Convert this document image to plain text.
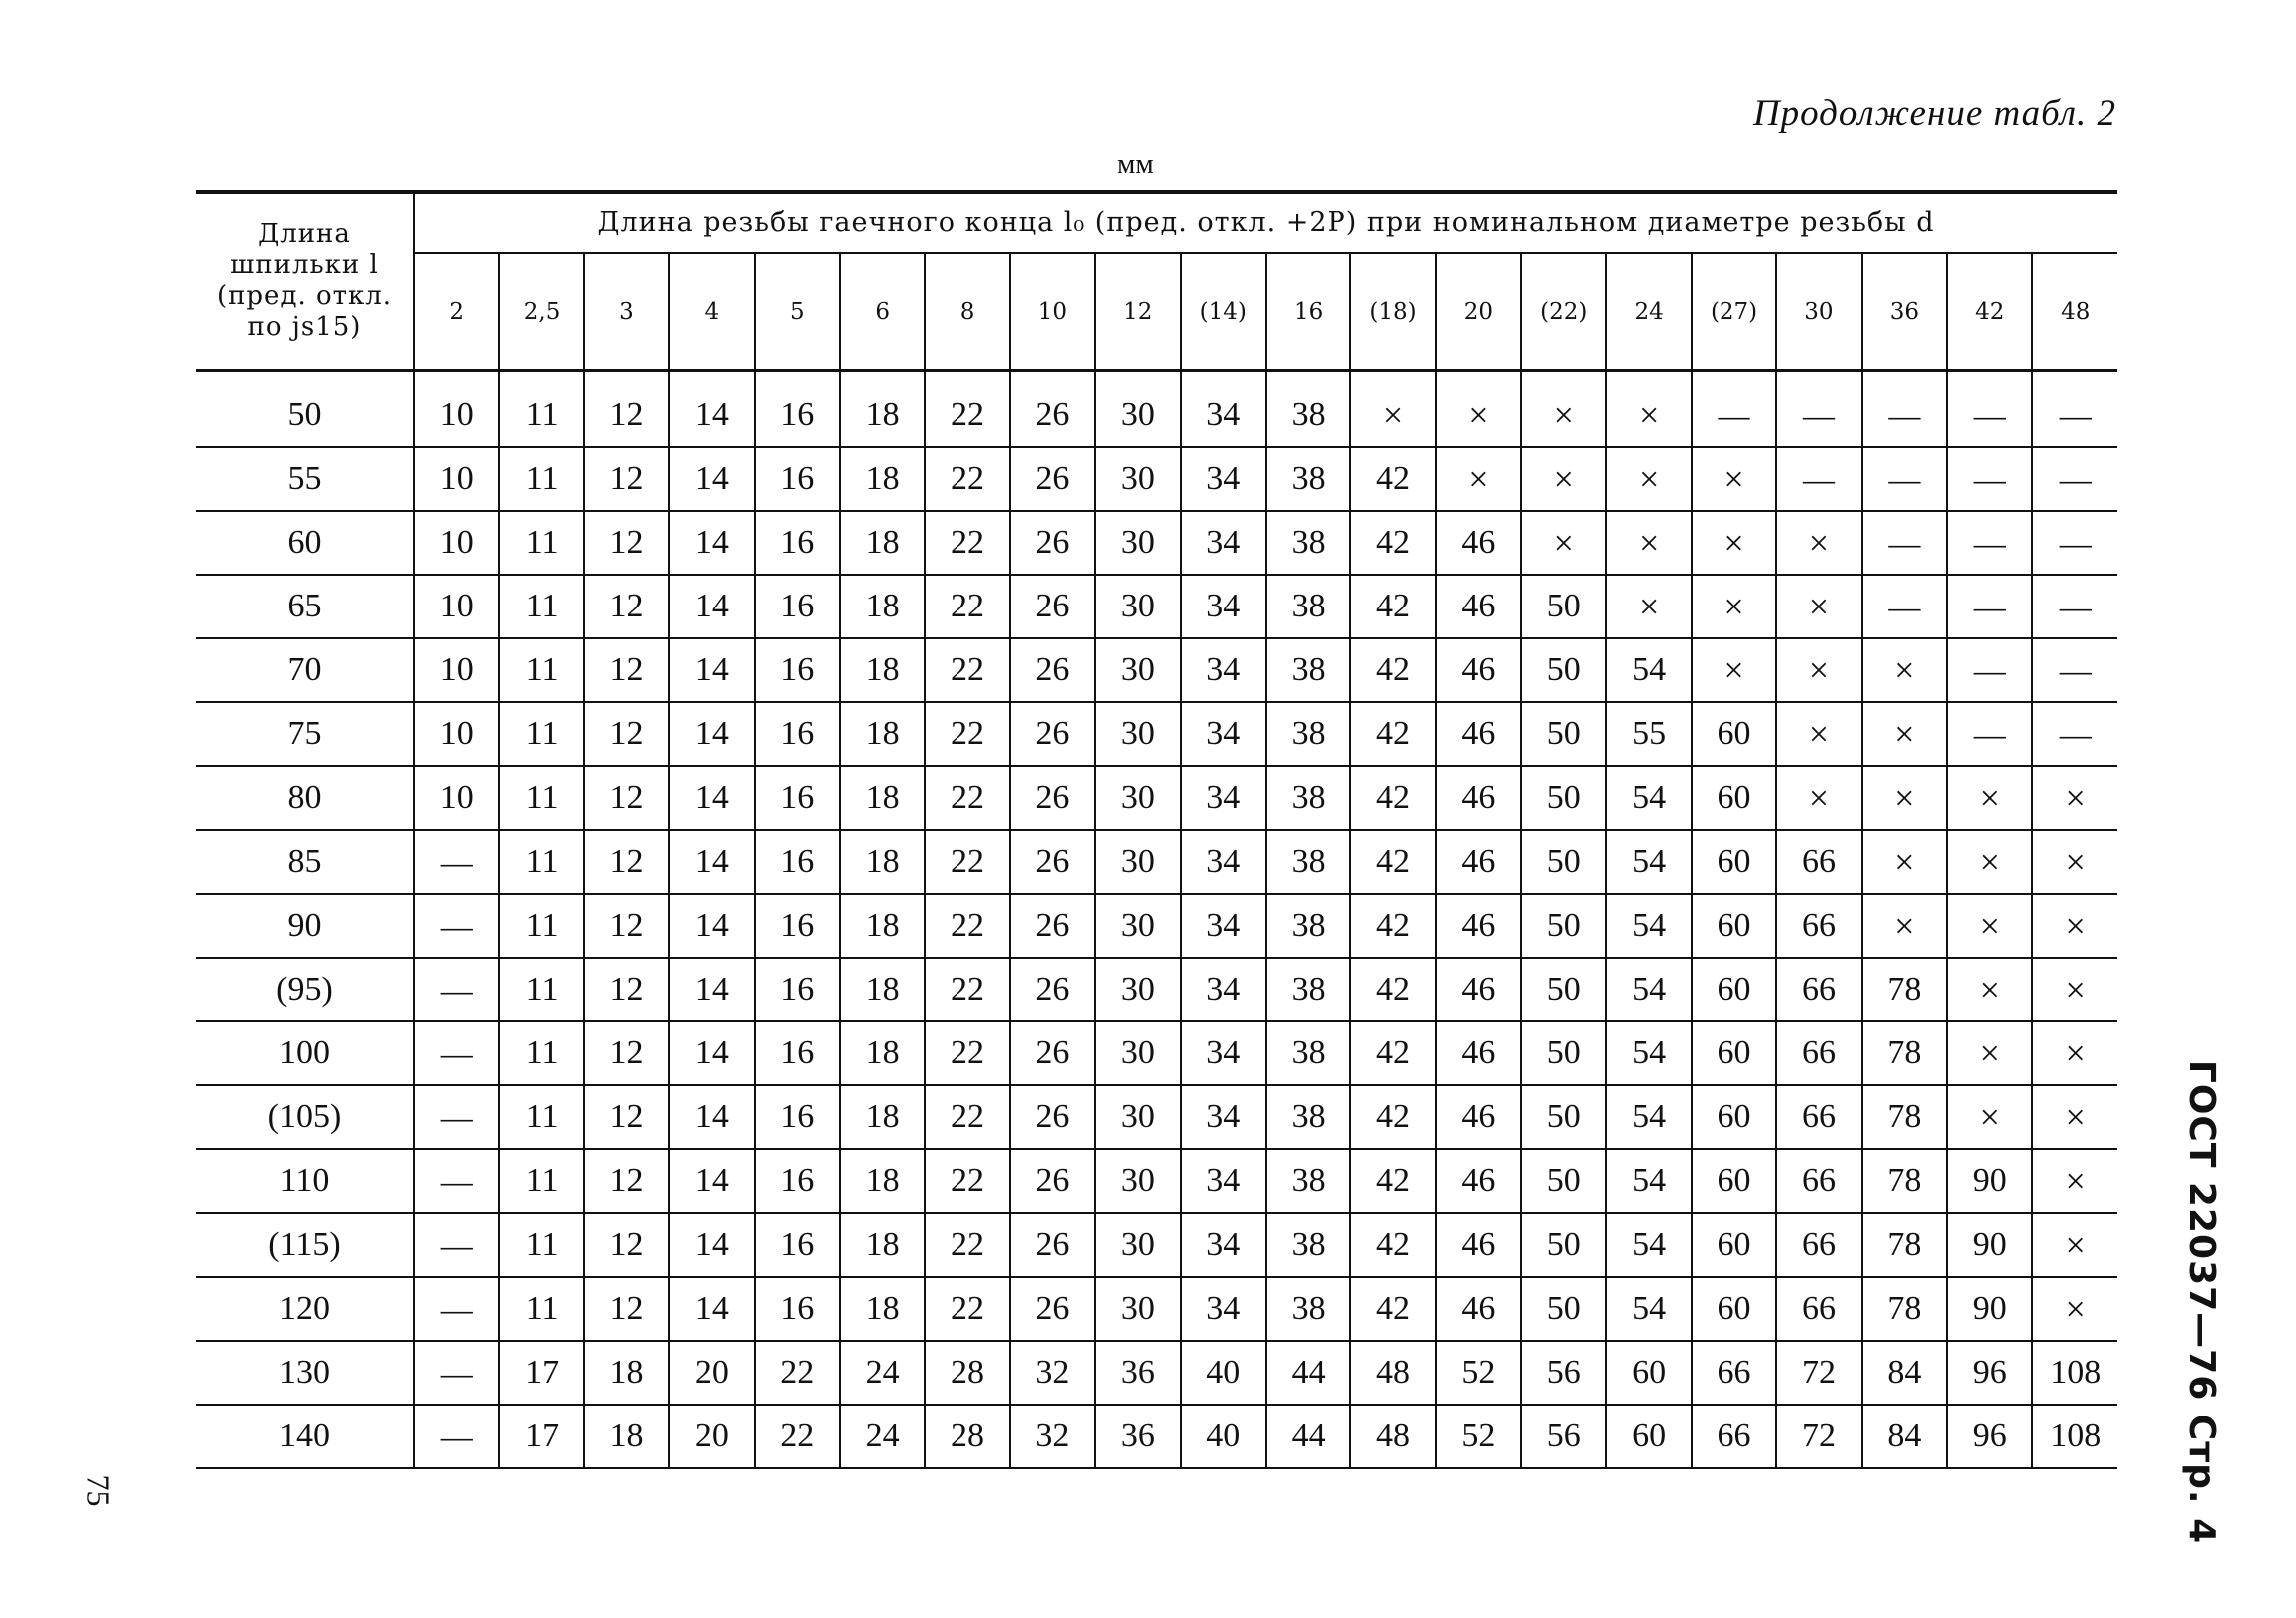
Продолжение табл. 2
мм
Длина шпильки l
(пред. откл. по js15)	Длина резьбы гаечного конца l₀ (пред. откл. +2P) при номинальном диаметре резьбы d																			
	2	2,5	3	4	5	6	8	10	12	(14)	16	(18)	20	(22)	24	(27)	30	36	42	48
50	10	11	12	14	16	18	22	26	30	34	38	×	×	×	×	—	—	—	—	—
55	10	11	12	14	16	18	22	26	30	34	38	42	×	×	×	×	—	—	—	—
60	10	11	12	14	16	18	22	26	30	34	38	42	46	×	×	×	×	—	—	—
65	10	11	12	14	16	18	22	26	30	34	38	42	46	50	×	×	×	—	—	—
70	10	11	12	14	16	18	22	26	30	34	38	42	46	50	54	×	×	×	—	—
75	10	11	12	14	16	18	22	26	30	34	38	42	46	50	55	60	×	×	—	—
80	10	11	12	14	16	18	22	26	30	34	38	42	46	50	54	60	×	×	×	×
85	—	11	12	14	16	18	22	26	30	34	38	42	46	50	54	60	66	×	×	×
90	—	11	12	14	16	18	22	26	30	34	38	42	46	50	54	60	66	×	×	×
(95)	—	11	12	14	16	18	22	26	30	34	38	42	46	50	54	60	66	78	×	×
100	—	11	12	14	16	18	22	26	30	34	38	42	46	50	54	60	66	78	×	×
(105)	—	11	12	14	16	18	22	26	30	34	38	42	46	50	54	60	66	78	×	×
110	—	11	12	14	16	18	22	26	30	34	38	42	46	50	54	60	66	78	90	×
(115)	—	11	12	14	16	18	22	26	30	34	38	42	46	50	54	60	66	78	90	×
120	—	11	12	14	16	18	22	26	30	34	38	42	46	50	54	60	66	78	90	×
130	—	17	18	20	22	24	28	32	36	40	44	48	52	56	60	66	72	84	96	108
140	—	17	18	20	22	24	28	32	36	40	44	48	52	56	60	66	72	84	96	108 ГОСТ 22037—76 Стр. 4
75
